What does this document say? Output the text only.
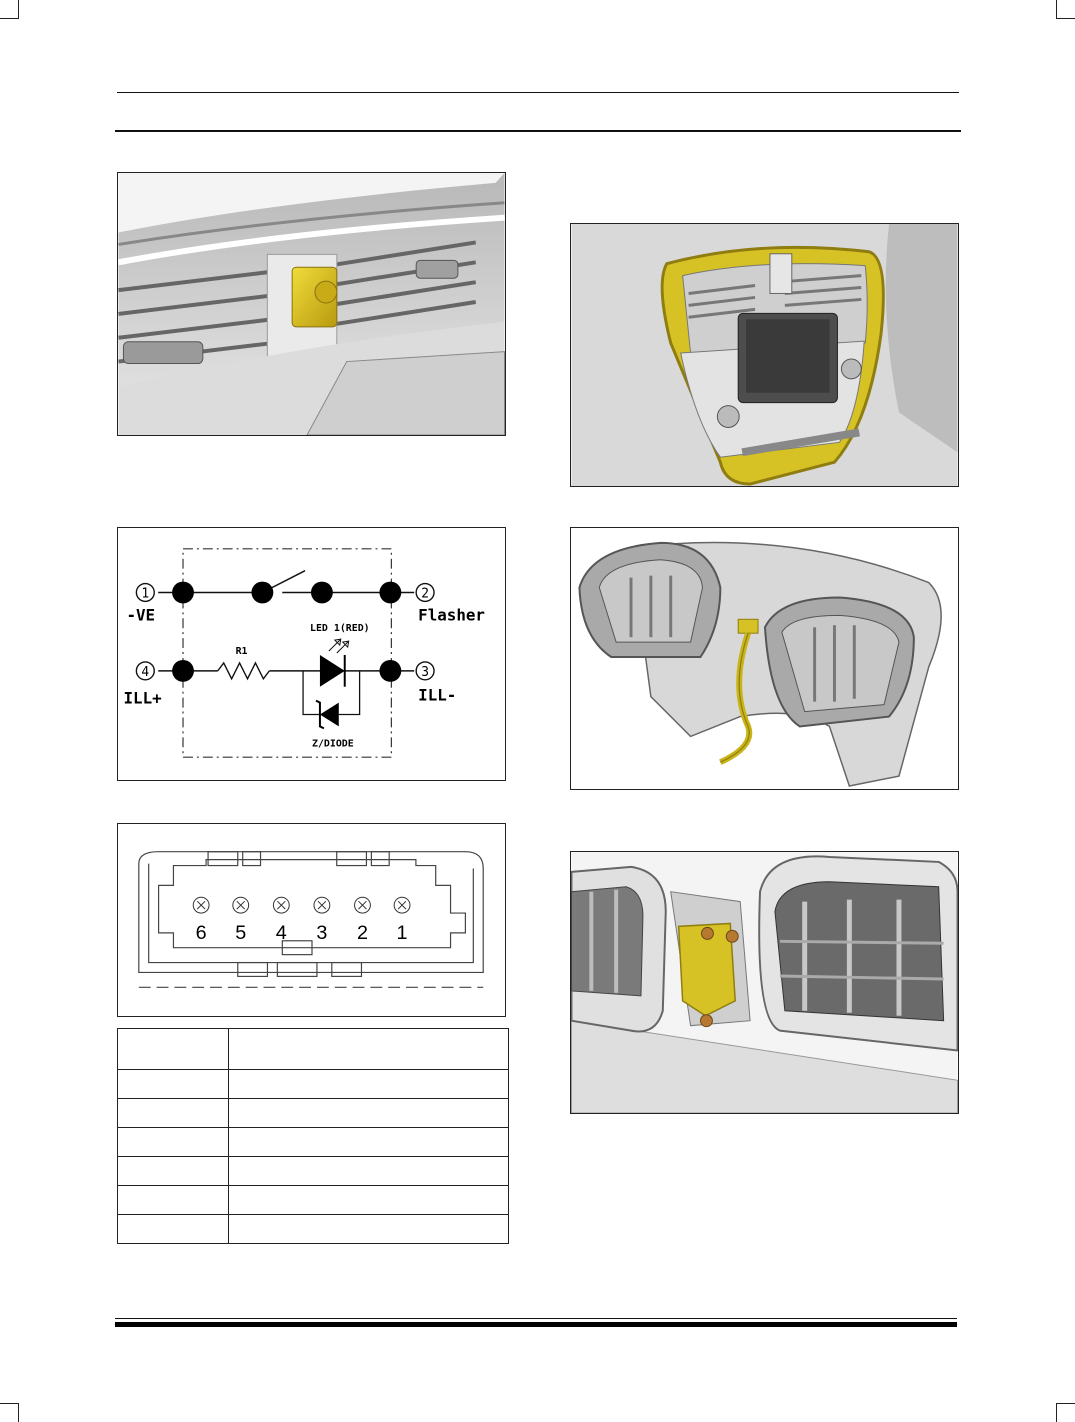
1
-VE
2
Flasher
R1
LED 1(RED)
Z/DIODE
4
ILL+
3
ILL-
6 5 4 3 2 1
